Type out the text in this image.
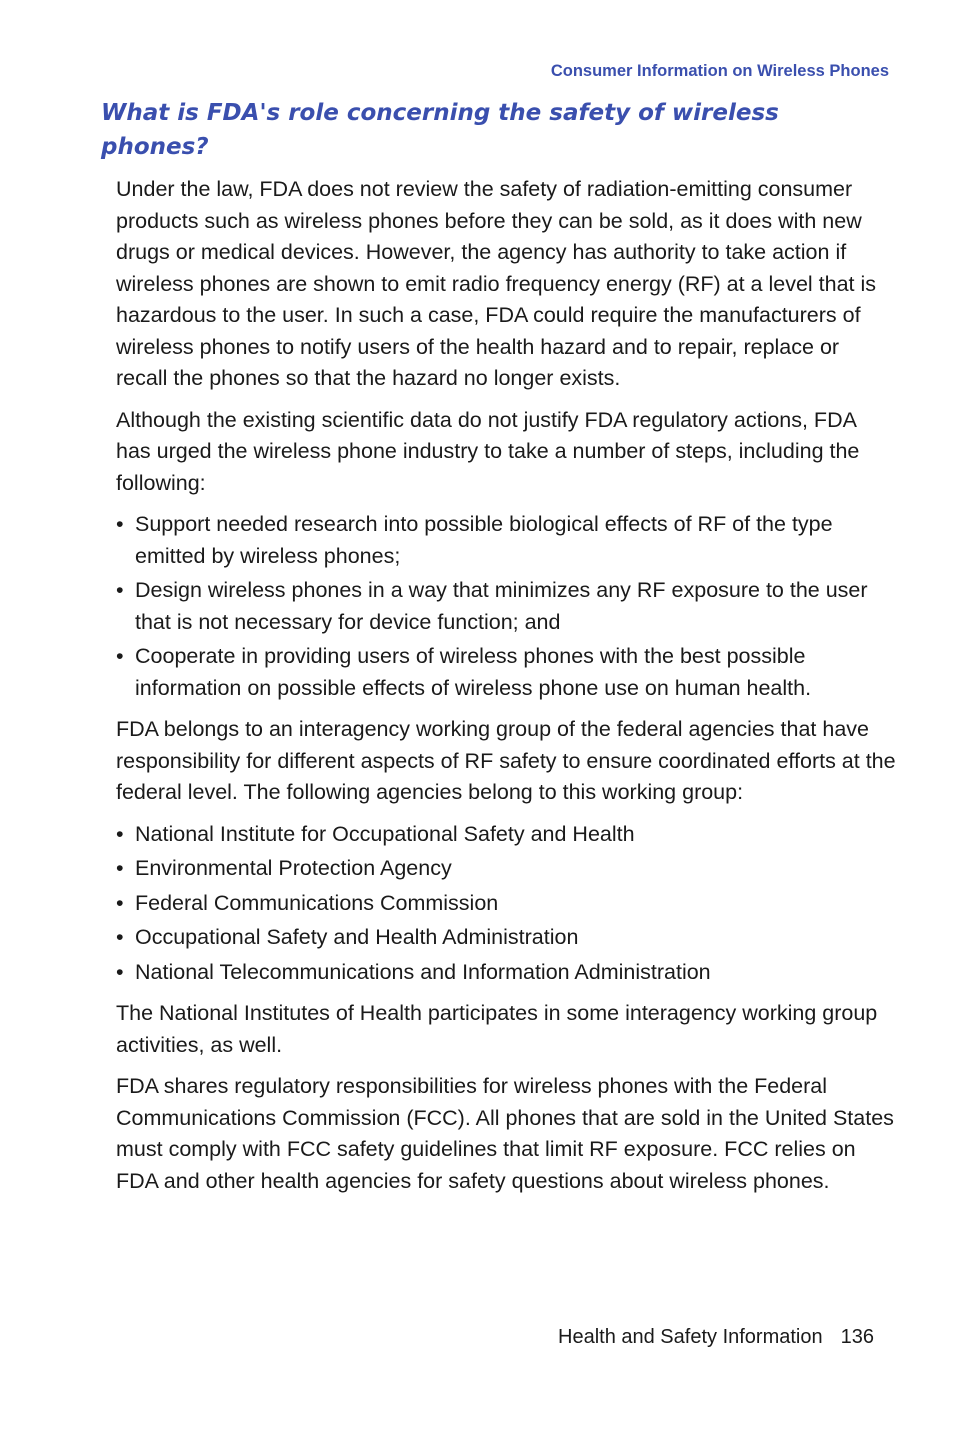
Consumer Information on Wireless Phones
What is FDA's role concerning the safety of wireless phones?

Under the law, FDA does not review the safety of radiation-emitting consumer products such as wireless phones before they can be sold, as it does with new drugs or medical devices. However, the agency has authority to take action if wireless phones are shown to emit radio frequency energy (RF) at a level that is hazardous to the user. In such a case, FDA could require the manufacturers of wireless phones to notify users of the health hazard and to repair, replace or recall the phones so that the hazard no longer exists.

Although the existing scientific data do not justify FDA regulatory actions, FDA has urged the wireless phone industry to take a number of steps, including the following:

• Support needed research into possible biological effects of RF of the type emitted by wireless phones;
• Design wireless phones in a way that minimizes any RF exposure to the user that is not necessary for device function; and
• Cooperate in providing users of wireless phones with the best possible information on possible effects of wireless phone use on human health.

FDA belongs to an interagency working group of the federal agencies that have responsibility for different aspects of RF safety to ensure coordinated efforts at the federal level. The following agencies belong to this working group:

• National Institute for Occupational Safety and Health
• Environmental Protection Agency
• Federal Communications Commission
• Occupational Safety and Health Administration
• National Telecommunications and Information Administration

The National Institutes of Health participates in some interagency working group activities, as well.

FDA shares regulatory responsibilities for wireless phones with the Federal Communications Commission (FCC). All phones that are sold in the United States must comply with FCC safety guidelines that limit RF exposure. FCC relies on FDA and other health agencies for safety questions about wireless phones.

Health and Safety Information 136
